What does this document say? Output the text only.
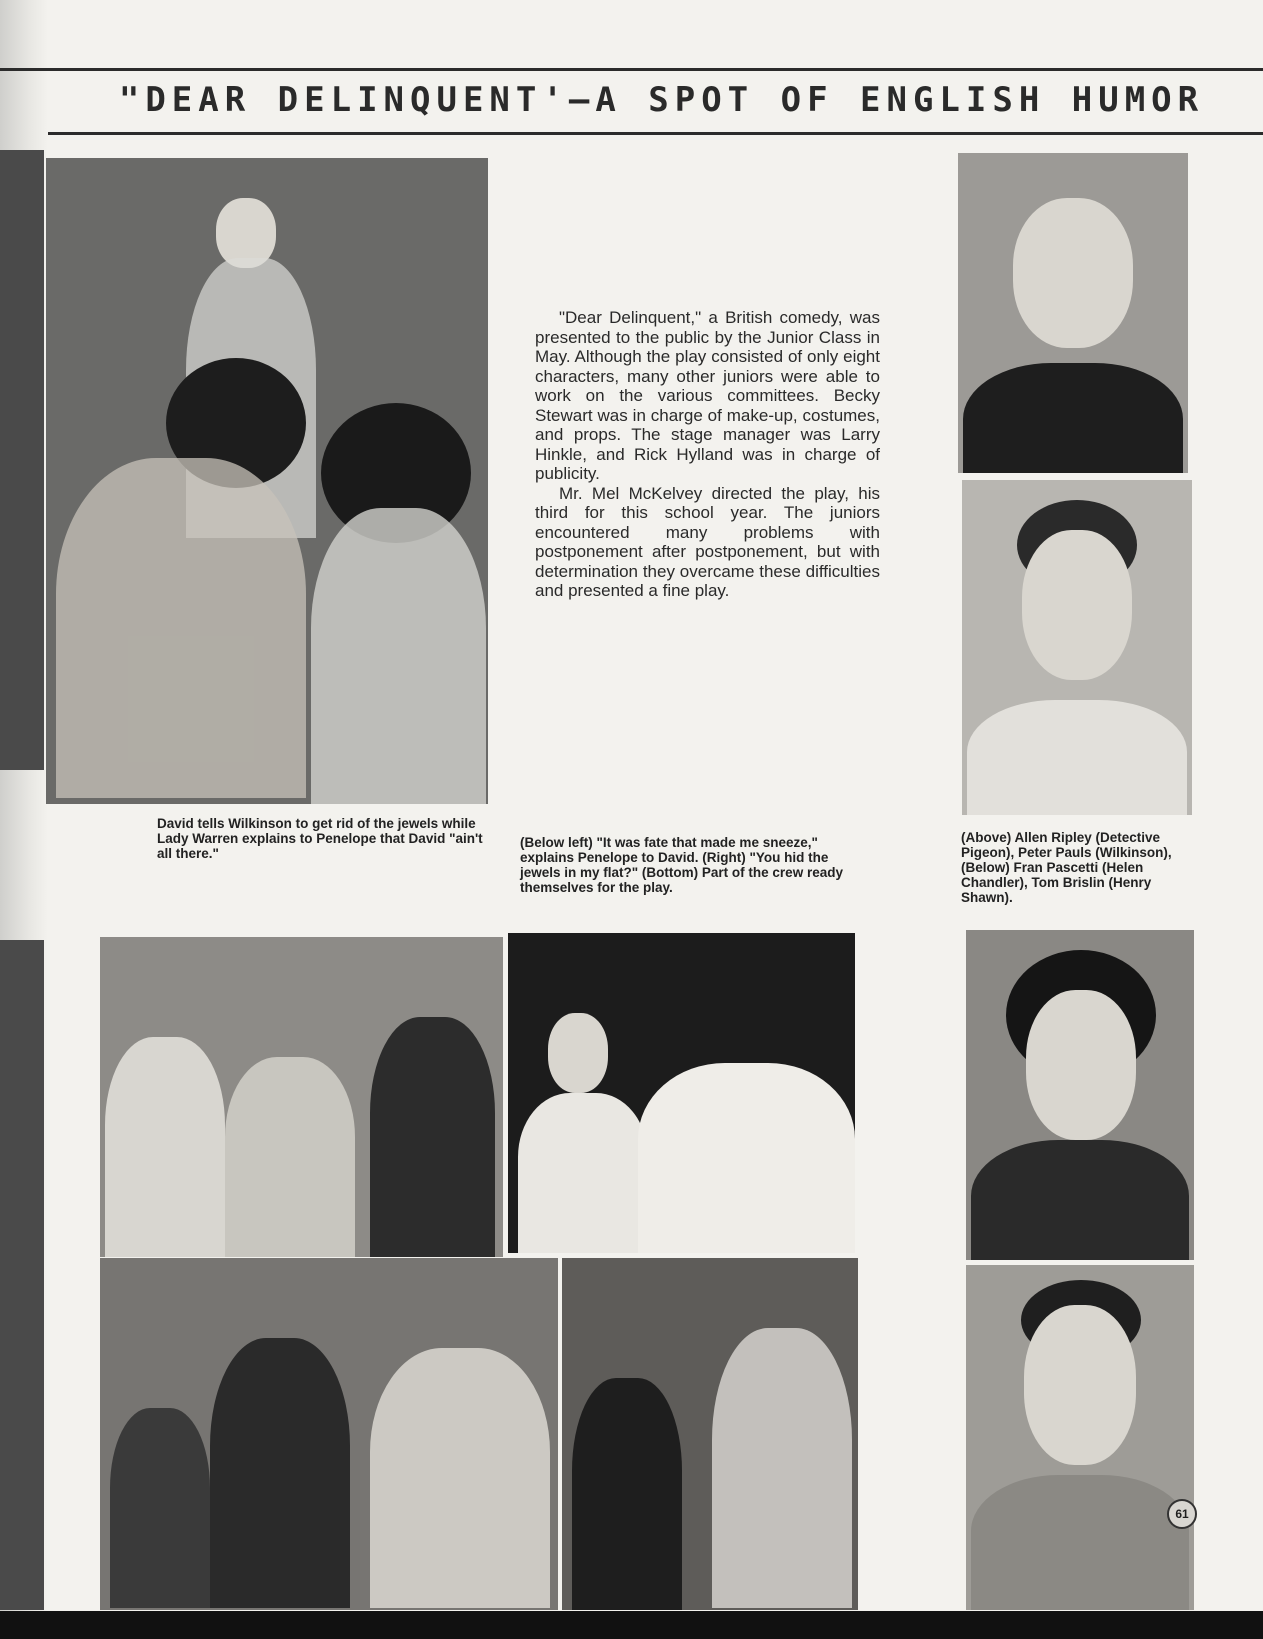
"DEAR DELINQUENT'—A SPOT OF ENGLISH HUMOR

"Dear Delinquent," a British comedy, was presented to the public by the Junior Class in May. Although the play consisted of only eight characters, many other juniors were able to work on the various committees. Becky Stewart was in charge of make-up, costumes, and props. The stage manager was Larry Hinkle, and Rick Hylland was in charge of publicity.

Mr. Mel McKelvey directed the play, his third for this school year. The juniors encountered many problems with postponement after postponement, but with determination they overcame these difficulties and presented a fine play.

David tells Wilkinson to get rid of the jewels while Lady Warren explains to Penelope that David "ain't all there."
(Below left) "It was fate that made me sneeze," explains Penelope to David. (Right) "You hid the jewels in my flat?" (Bottom) Part of the crew ready themselves for the play.
(Above) Allen Ripley (Detective Pigeon), Peter Pauls (Wilkinson), (Below) Fran Pascetti (Helen Chandler), Tom Brislin (Henry Shawn).
61
